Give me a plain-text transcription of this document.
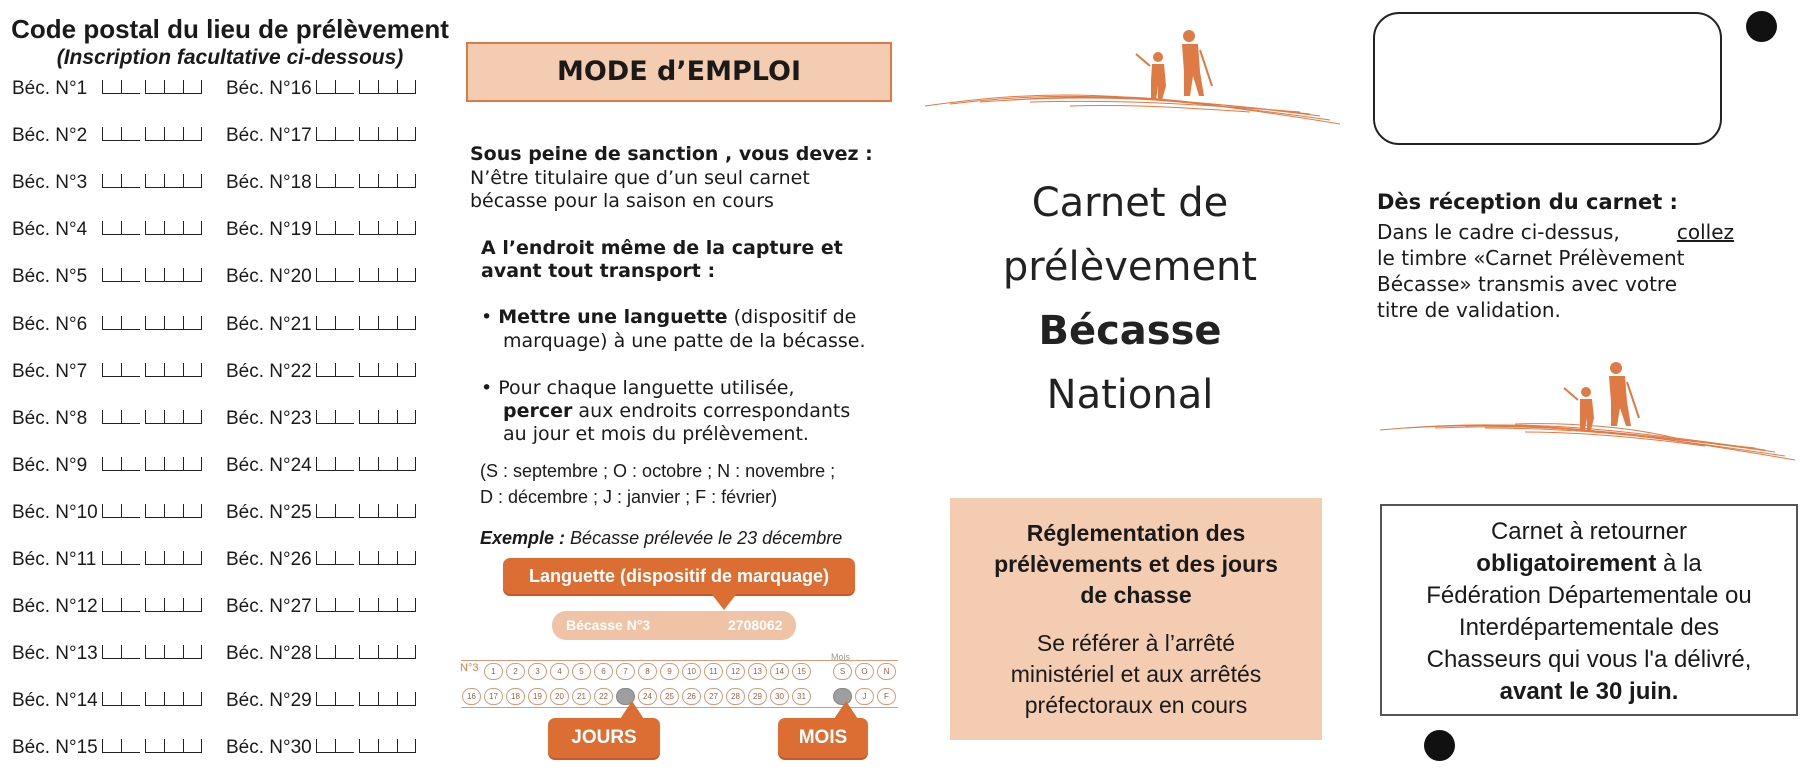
Code postal du lieu de prélèvement
(Inscription facultative ci-dessous)
Béc. N°1	Béc. N°16
Béc. N°2	Béc. N°17
Béc. N°3	Béc. N°18
Béc. N°4	Béc. N°19
Béc. N°5	Béc. N°20
Béc. N°6	Béc. N°21
Béc. N°7	Béc. N°22
Béc. N°8	Béc. N°23
Béc. N°9	Béc. N°24
Béc. N°10	Béc. N°25
Béc. N°11	Béc. N°26
Béc. N°12	Béc. N°27
Béc. N°13	Béc. N°28
Béc. N°14	Béc. N°29
Béc. N°15	Béc. N°30
MODE d’EMPLOI
Sous peine de sanction , vous devez :
N’être titulaire que d’un seul carnet
bécasse pour la saison en cours
A l’endroit même de la capture et
avant tout transport :
• Mettre une languette (dispositif de
marquage) à une patte de la bécasse.
• Pour chaque languette utilisée,
percer aux endroits correspondants
au jour et mois du prélèvement.
(S : septembre ; O : octobre ; N : novembre ;
D : décembre ; J : janvier ; F : février)
Exemple : Bécasse prélevée le 23 décembre
Languette (dispositif de marquage)
Bécasse N°3	2708062
N°3
Mois
1	2	3	4	5	6	7	8	9	10	11	12	13	14	15
16	17	18	19	20	21	22	24	25	26	27	28	29	30	31
S	O	N
J	F
JOURS	MOIS
Carnet de
prélèvement
Bécasse
National
Réglementation des
prélèvements et des jours
de chasse
Se référer à l’arrêté
ministériel et aux arrêtés
préfectoraux en cours
Dès réception du carnet :
Dans le cadre ci-dessus,	collez
le timbre «Carnet Prélèvement
Bécasse» transmis avec votre
titre de validation.
Carnet à retourner
obligatoirement à la
Fédération Départementale ou
Interdépartementale des
Chasseurs qui vous l'a délivré,
avant le 30 juin.
